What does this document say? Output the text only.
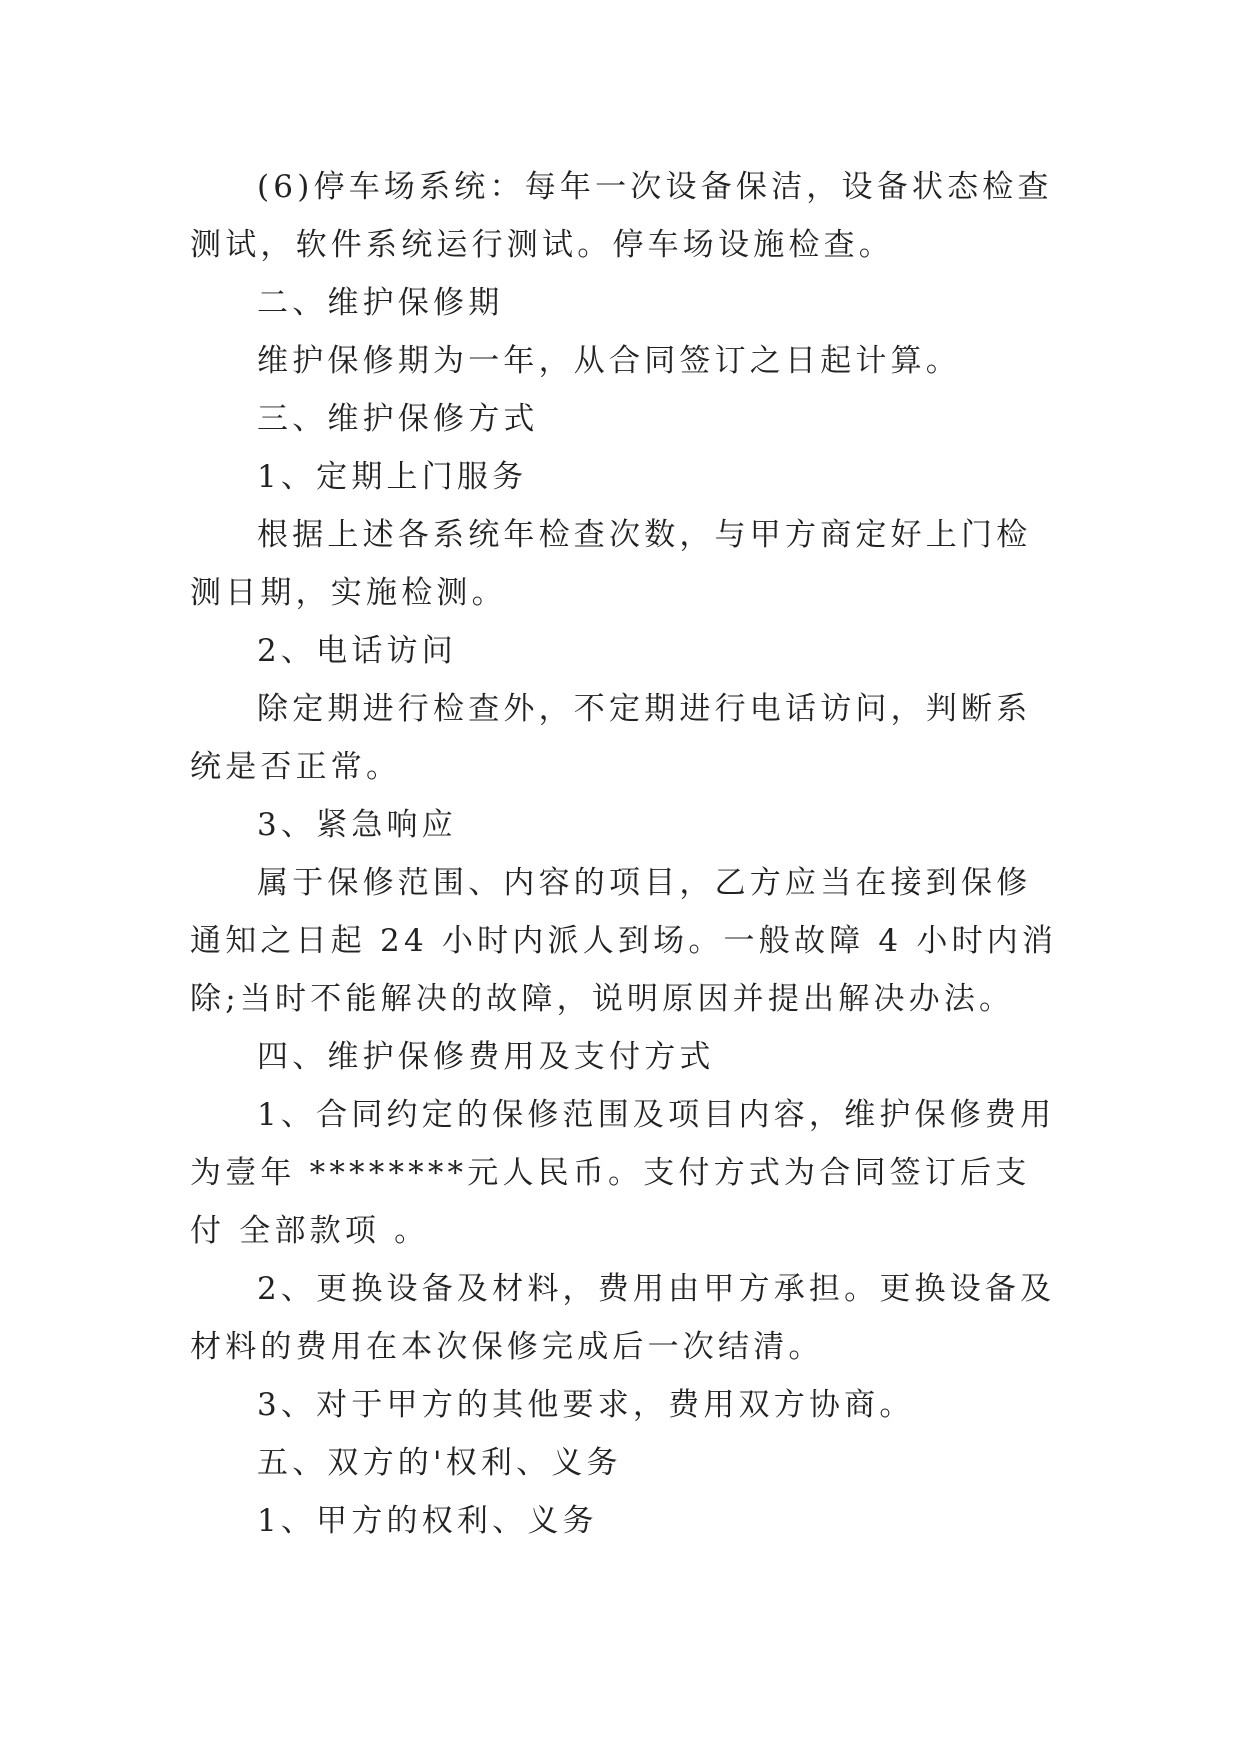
(6)停车场系统：每年一次设备保洁，设备状态检查测试，软件系统运行测试。停车场设施检查。

二、维护保修期

维护保修期为一年，从合同签订之日起计算。

三、维护保修方式

1、定期上门服务

根据上述各系统年检查次数，与甲方商定好上门检测日期，实施检测。

2、电话访问

除定期进行检查外，不定期进行电话访问，判断系统是否正常。

3、紧急响应

属于保修范围、内容的项目，乙方应当在接到保修通知之日起 24 小时内派人到场。一般故障 4 小时内消除;当时不能解决的故障，说明原因并提出解决办法。

四、维护保修费用及支付方式

1、合同约定的保修范围及项目内容，维护保修费用为壹年 ********元人民币。支付方式为合同签订后支付 全部款项 。

2、更换设备及材料，费用由甲方承担。更换设备及材料的费用在本次保修完成后一次结清。

3、对于甲方的其他要求，费用双方协商。

五、双方的'权利、义务

1、甲方的权利、义务
